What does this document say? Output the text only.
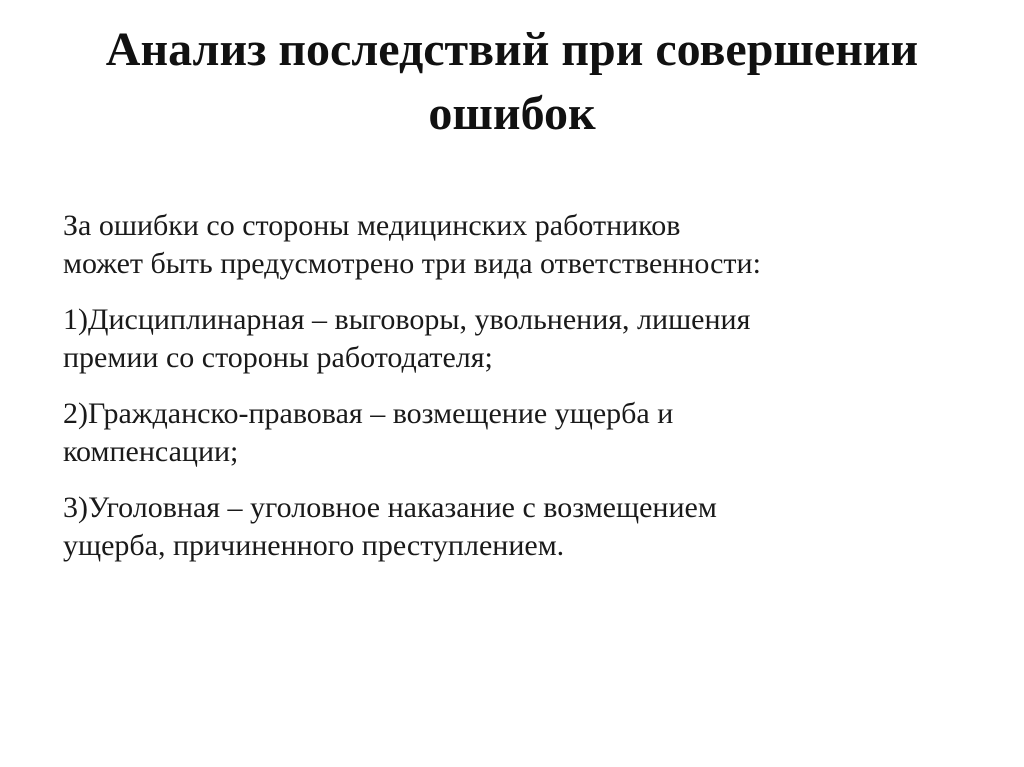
Анализ последствий при совершении
ошибок

За ошибки со стороны медицинских работников
может быть предусмотрено три вида ответственности:

1)Дисциплинарная – выговоры, увольнения, лишения
премии со стороны работодателя;

2)Гражданско-правовая – возмещение ущерба и
компенсации;

3)Уголовная – уголовное наказание с возмещением
ущерба, причиненного преступлением.
